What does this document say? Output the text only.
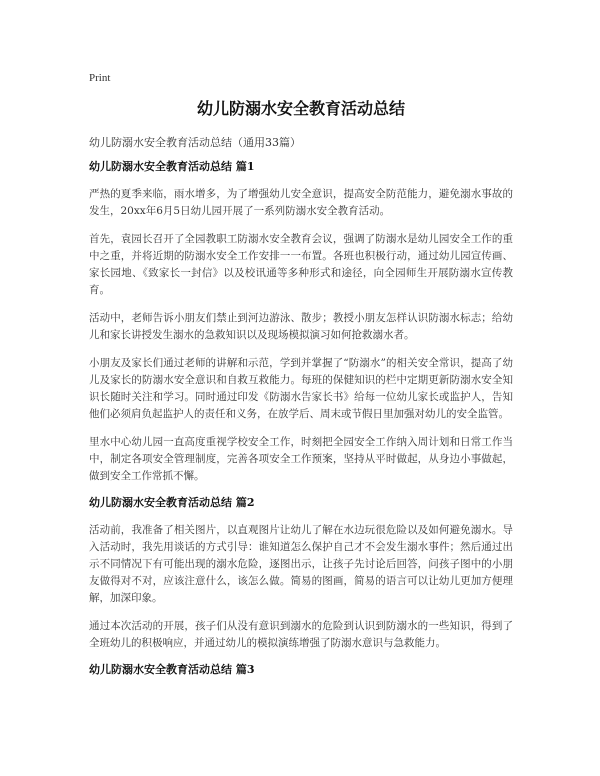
Print
幼儿防溺水安全教育活动总结

幼儿防溺水安全教育活动总结（通用33篇）

幼儿防溺水安全教育活动总结 篇1

严热的夏季来临，雨水增多，为了增强幼儿安全意识，提高安全防范能力，避免溺水事故的发生，20xx年6月5日幼儿园开展了一系列防溺水安全教育活动。

首先，袁园长召开了全园教职工防溺水安全教育会议，强调了防溺水是幼儿园安全工作的重中之重，并将近期的防溺水安全工作安排一一布置。各班也积极行动，通过幼儿园宣传画、家长园地、《致家长一封信》以及校讯通等多种形式和途径，向全园师生开展防溺水宣传教育。

活动中，老师告诉小朋友们禁止到河边游泳、散步；教授小朋友怎样认识防溺水标志；给幼儿和家长讲授发生溺水的急救知识以及现场模拟演习如何抢救溺水者。

小朋友及家长们通过老师的讲解和示范，学到并掌握了“防溺水”的相关安全常识，提高了幼儿及家长的防溺水安全意识和自救互救能力。每班的保健知识的栏中定期更新防溺水安全知识长随时关注和学习。同时通过印发《防溺水告家长书》给每一位幼儿家长或监护人，告知他们必须肩负起监护人的责任和义务，在放学后、周末或节假日里加强对幼儿的安全监管。

里水中心幼儿园一直高度重视学校安全工作，时刻把全园安全工作纳入周计划和日常工作当中，制定各项安全管理制度，完善各项安全工作预案，坚持从平时做起，从身边小事做起，做到安全工作常抓不懈。

幼儿防溺水安全教育活动总结 篇2

活动前，我准备了相关图片，以直观图片让幼儿了解在水边玩很危险以及如何避免溺水。导入活动时，我先用谈话的方式引导：谁知道怎么保护自己才不会发生溺水事件；然后通过出示不同情况下有可能出现的溺水危险，逐图出示，让孩子先讨论后回答，问孩子图中的小朋友做得对不对，应该注意什么，该怎么做。简易的图画，简易的语言可以让幼儿更加方便理解，加深印象。

通过本次活动的开展，孩子们从没有意识到溺水的危险到认识到防溺水的一些知识，得到了全班幼儿的积极响应，并通过幼儿的模拟演练增强了防溺水意识与急救能力。

幼儿防溺水安全教育活动总结 篇3
